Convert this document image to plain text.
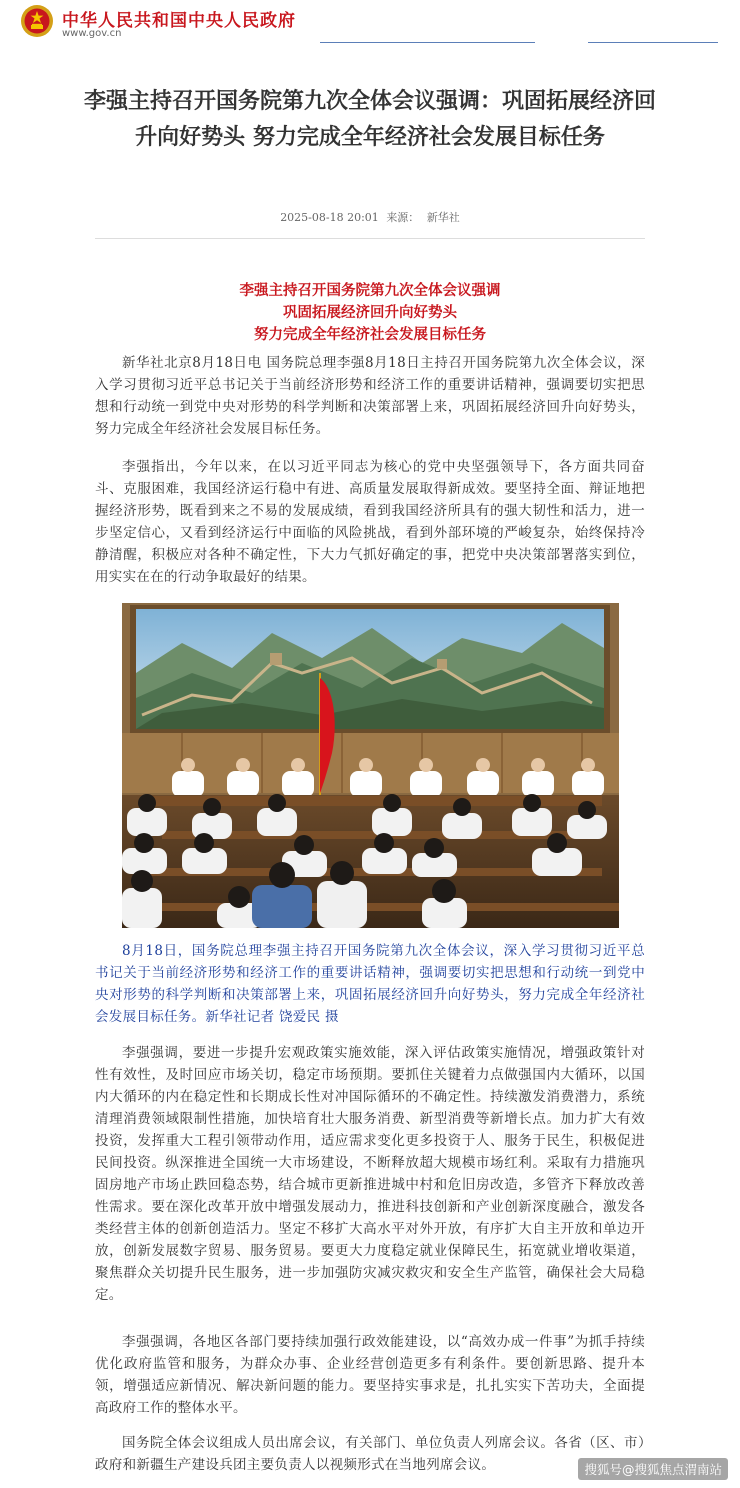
中华人民共和国中央人民政府
www.gov.cn
李强主持召开国务院第九次全体会议强调：巩固拓展经济回升向好势头 努力完成全年经济社会发展目标任务
2025-08-18 20:01 来源： 新华社
李强主持召开国务院第九次全体会议强调
巩固拓展经济回升向好势头
努力完成全年经济社会发展目标任务

新华社北京8月18日电 国务院总理李强8月18日主持召开国务院第九次全体会议，深入学习贯彻习近平总书记关于当前经济形势和经济工作的重要讲话精神，强调要切实把思想和行动统一到党中央对形势的科学判断和决策部署上来，巩固拓展经济回升向好势头，努力完成全年经济社会发展目标任务。

李强指出，今年以来，在以习近平同志为核心的党中央坚强领导下，各方面共同奋斗、克服困难，我国经济运行稳中有进、高质量发展取得新成效。要坚持全面、辩证地把握经济形势，既看到来之不易的发展成绩，看到我国经济所具有的强大韧性和活力，进一步坚定信心，又看到经济运行中面临的风险挑战，看到外部环境的严峻复杂，始终保持冷静清醒，积极应对各种不确定性，下大力气抓好确定的事，把党中央决策部署落实到位，用实实在在的行动争取最好的结果。

8月18日，国务院总理李强主持召开国务院第九次全体会议，深入学习贯彻习近平总书记关于当前经济形势和经济工作的重要讲话精神，强调要切实把思想和行动统一到党中央对形势的科学判断和决策部署上来，巩固拓展经济回升向好势头，努力完成全年经济社会发展目标任务。新华社记者 饶爱民 摄

李强强调，要进一步提升宏观政策实施效能，深入评估政策实施情况，增强政策针对性有效性，及时回应市场关切，稳定市场预期。要抓住关键着力点做强国内大循环，以国内大循环的内在稳定性和长期成长性对冲国际循环的不确定性。持续激发消费潜力，系统清理消费领域限制性措施，加快培育壮大服务消费、新型消费等新增长点。加力扩大有效投资，发挥重大工程引领带动作用，适应需求变化更多投资于人、服务于民生，积极促进民间投资。纵深推进全国统一大市场建设，不断释放超大规模市场红利。采取有力措施巩固房地产市场止跌回稳态势，结合城市更新推进城中村和危旧房改造，多管齐下释放改善性需求。要在深化改革开放中增强发展动力，推进科技创新和产业创新深度融合，激发各类经营主体的创新创造活力。坚定不移扩大高水平对外开放，有序扩大自主开放和单边开放，创新发展数字贸易、服务贸易。要更大力度稳定就业保障民生，拓宽就业增收渠道，聚焦群众关切提升民生服务，进一步加强防灾减灾救灾和安全生产监管，确保社会大局稳定。

李强强调，各地区各部门要持续加强行政效能建设，以“高效办成一件事”为抓手持续优化政府监管和服务，为群众办事、企业经营创造更多有利条件。要创新思路、提升本领，增强适应新情况、解决新问题的能力。要坚持实事求是，扎扎实实下苦功夫，全面提高政府工作的整体水平。

国务院全体会议组成人员出席会议，有关部门、单位负责人列席会议。各省（区、市）政府和新疆生产建设兵团主要负责人以视频形式在当地列席会议。	搜狐号@搜狐焦点渭南站
